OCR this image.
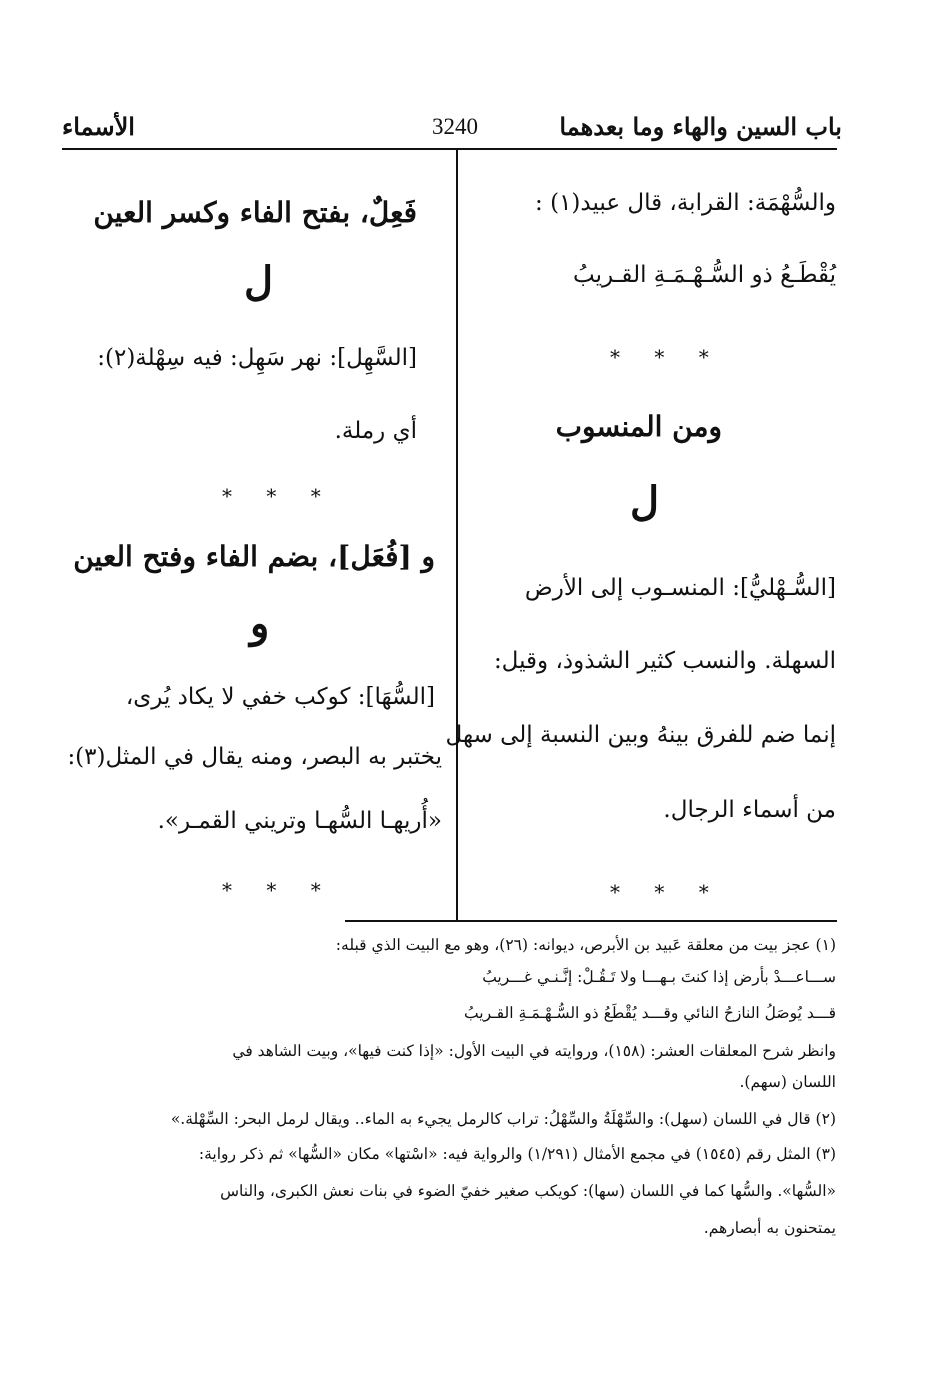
باب السين والهاء وما بعدهما
3240
الأسماء
والسُّهْمَة: القرابة، قال عبيد(١) :
يُقْطَـعُ ذو السُّـهْـمَـةِ القـريبُ
* * *
ومن المنسوب
ل
[السُّـهْليُّ]: المنسـوب إلى الأرض
السهلة. والنسب كثير الشذوذ، وقيل:
إنما ضم للفرق بينهُ وبين النسبة إلى سهل
من أسماء الرجال.
* * *
فَعِلٌ، بفتح الفاء وكسر العين
ل
[السَّهِل]: نهر سَهِل: فيه سِهْلة(٢):
أي رملة.
* * *
و [فُعَل]، بضم الفاء وفتح العين
و
[السُّهَا]: كوكب خفي لا يكاد يُرى،
يختبر به البصر، ومنه يقال في المثل(٣):
«أُريهـا السُّهـا وتريني القمـر».
* * *
(١) عجز بيت من معلقة عَبيد بن الأبرص، ديوانه: (٢٦)، وهو مع البيت الذي قبله:
ســـاعـــدْ بأرض إذا كنتَ بـهـــا ولا تَـقُـلْ: إنَّـنـي غـــريبُ
قـــد يُوصَلُ النازحُ النائي وقـــد يُقْطَعُ ذو السُّـهْـمَـةِ القـريبُ
وانظر شرح المعلقات العشر: (١٥٨)، وروايته في البيت الأول: «إذا كنت فيها»، وبيت الشاهد في
اللسان (سهم).
(٢) قال في اللسان (سهل): والسِّهْلَةُ والسِّهْلُ: تراب كالرمل يجيء به الماء.. ويقال لرمل البحر: السِّهْلة.»
(٣) المثل رقم (١٥٤٥) في مجمع الأمثال (١/٢٩١) والرواية فيه: «اسْتها» مكان «السُّها» ثم ذكر رواية:
«السُّها». والسُّها كما في اللسان (سها): كويكب صغير خفيّ الضوء في بنات نعش الكبرى، والناس
يمتحنون به أبصارهم.
